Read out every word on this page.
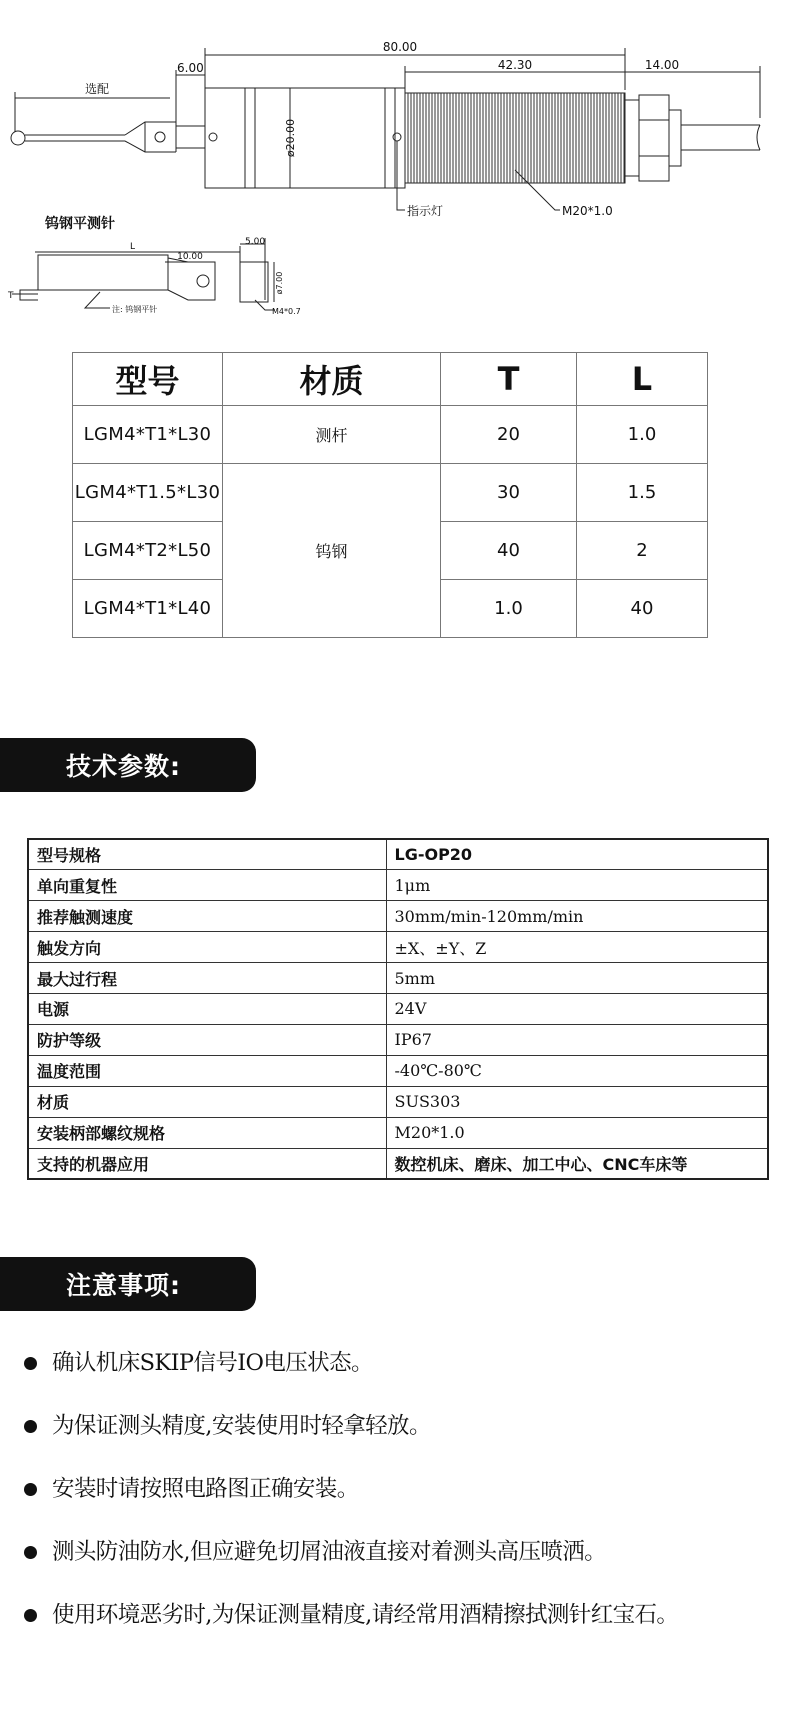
80.00
42.30	14.00
6.00
选配
ø20.00
指示灯	M20*1.0
钨钢平测针
5.00
10.00
L
T
ø7.00
M4*0.7
注: 钨钢平针
型号	材质	T	L
LGM4*T1*L30	测杆	20	1.0
LGM4*T1.5*L30	钨钢	30	1.5
LGM4*T2*L50		40	2
LGM4*T1*L40		1.0	40
技术参数:
型号规格	LG-OP20
单向重复性	1μm
推荐触测速度	30mm/min-120mm/min
触发方向	±X、±Y、Z
最大过行程	5mm
电源	24V
防护等级	IP67
温度范围	-40℃-80℃
材质	SUS303
安装柄部螺纹规格	M20*1.0
支持的机器应用	数控机床、磨床、加工中心、CNC车床等
注意事项:
确认机床SKIP信号IO电压状态。
为保证测头精度,安装使用时轻拿轻放。
安装时请按照电路图正确安装。
测头防油防水,但应避免切屑油液直接对着测头高压喷洒。
使用环境恶劣时,为保证测量精度,请经常用酒精擦拭测针红宝石。
